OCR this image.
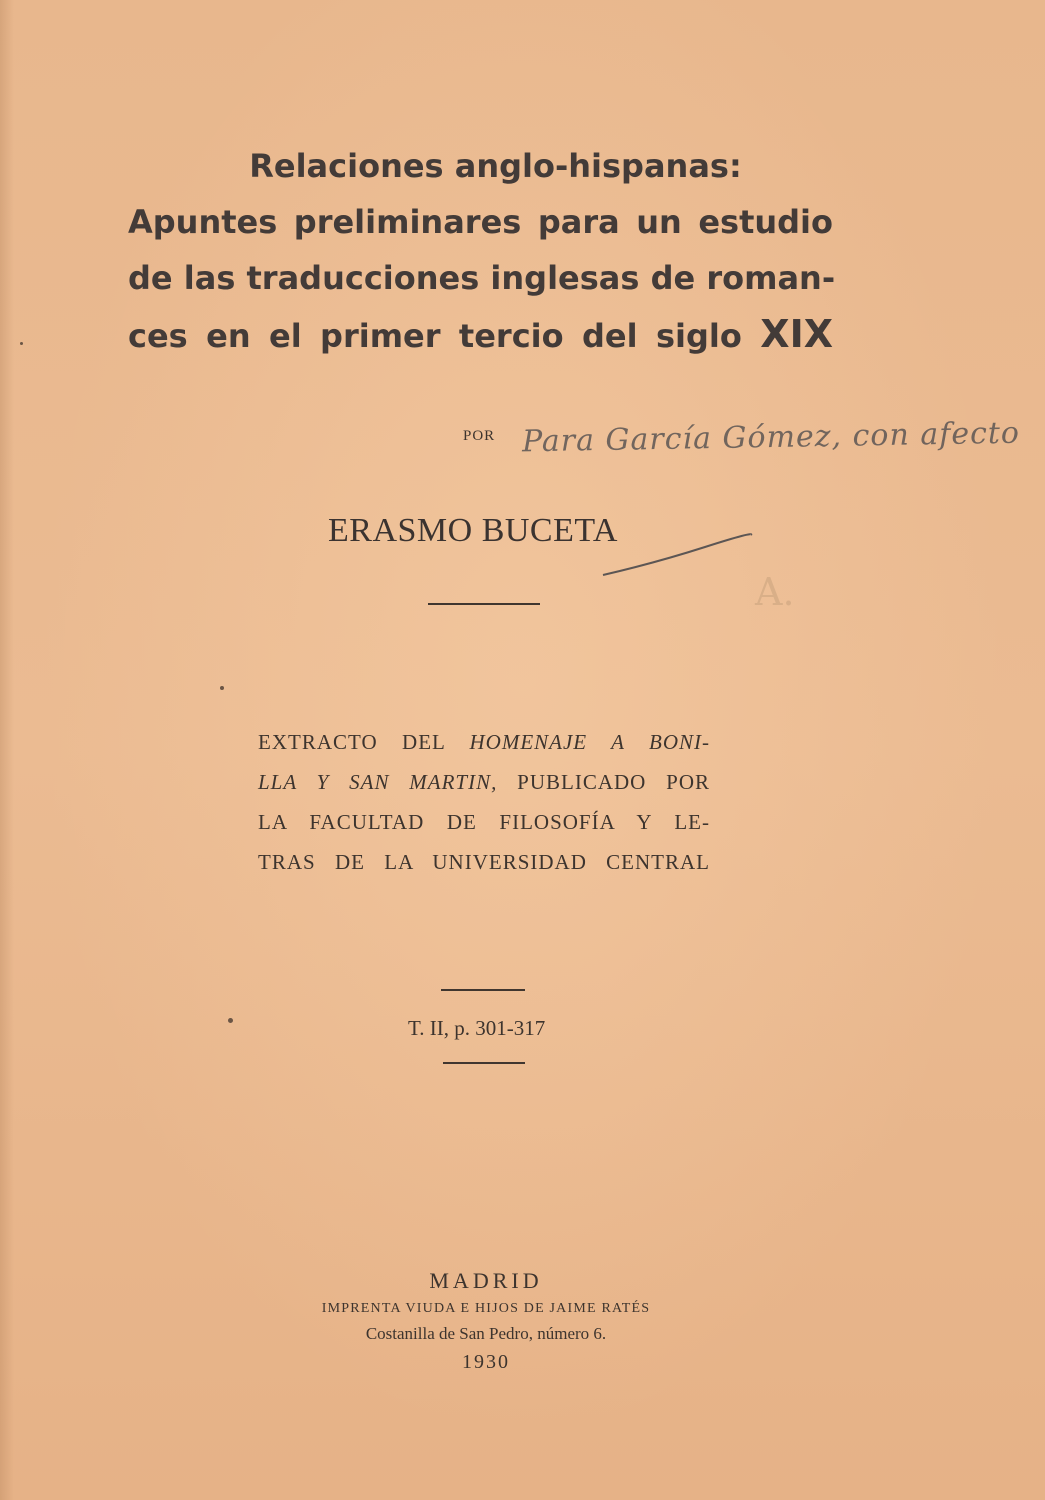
Relaciones anglo-hispanas:
Apuntes preliminares para un estudio
de las traducciones inglesas de roman-
ces en el primer tercio del siglo XIX
POR Para García Gómez, con afecto
ERASMO BUCETA
A.
EXTRACTO DEL HOMENAJE A BONI-
LLA Y SAN MARTIN, PUBLICADO POR
LA FACULTAD DE FILOSOFÍA Y LE-
TRAS DE LA UNIVERSIDAD CENTRAL
T. II, p. 301-317
MADRID
IMPRENTA VIUDA E HIJOS DE JAIME RATÉS
Costanilla de San Pedro, número 6.
1930
